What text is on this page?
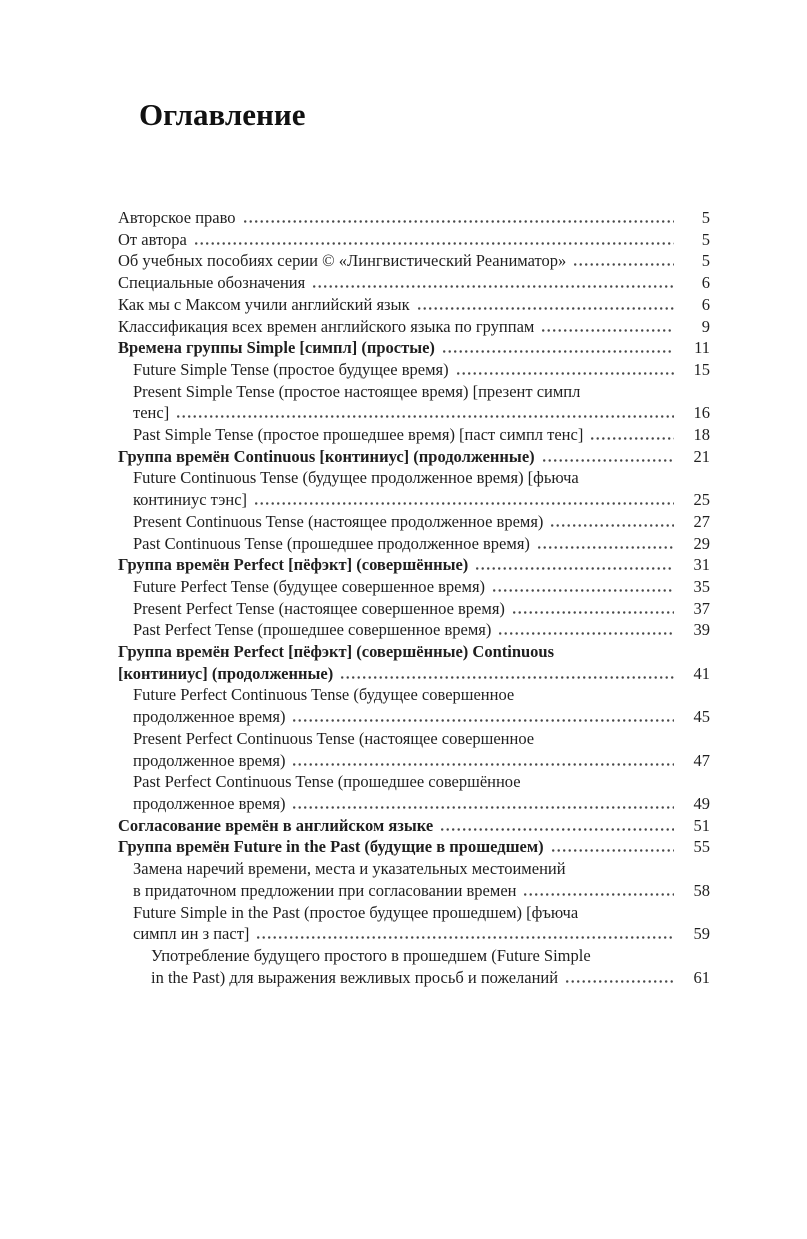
Оглавление
Авторское право	5
От автора	5
Об учебных пособиях серии © «Лингвистический Реаниматор»	5
Специальные обозначения	6
Как мы с Максом учили английский язык	6
Классификация всех времен английского языка по группам	9
Времена группы Simple [симпл] (простые)	11
Future Simple Tense (простое будущее время)	15
Present Simple Tense (простое настоящее время) [презент симпл
тенс]	16
Past Simple Tense (простое прошедшее время) [паст симпл тенс]	18
Группа времён Continuous [континиус] (продолженные)	21
Future Continuous Tense (будущее продолженное время) [фьюча
континиус тэнс]	25
Present Continuous Tense (настоящее продолженное время)	27
Past Continuous Tense (прошедшее продолженное время)	29
Группа времён Perfect [пёфэкт] (совершённые)	31
Future Perfect Tense (будущее совершенное время)	35
Present Perfect Tense (настоящее совершенное время)	37
Past Perfect Tense (прошедшее совершенное время)	39
Группа времён Perfect [пёфэкт] (совершённые) Continuous
[континиус] (продолженные)	41
Future Perfect Continuous Tense (будущее совершенное
продолженное время)	45
Present Perfect Continuous Tense (настоящее совершенное
продолженное время)	47
Past Perfect Continuous Tense (прошедшее совершённое
продолженное время)	49
Согласование времён в английском языке	51
Группа времён Future in the Past (будущие в прошедшем)	55
Замена наречий времени, места и указательных местоимений
в придаточном предложении при согласовании времен	58
Future Simple in the Past (простое будущее прошедшем) [фъюча
симпл ин з паст]	59
Употребление будущего простого в прошедшем (Future Simple
in the Past) для выражения вежливых просьб и пожеланий	61
